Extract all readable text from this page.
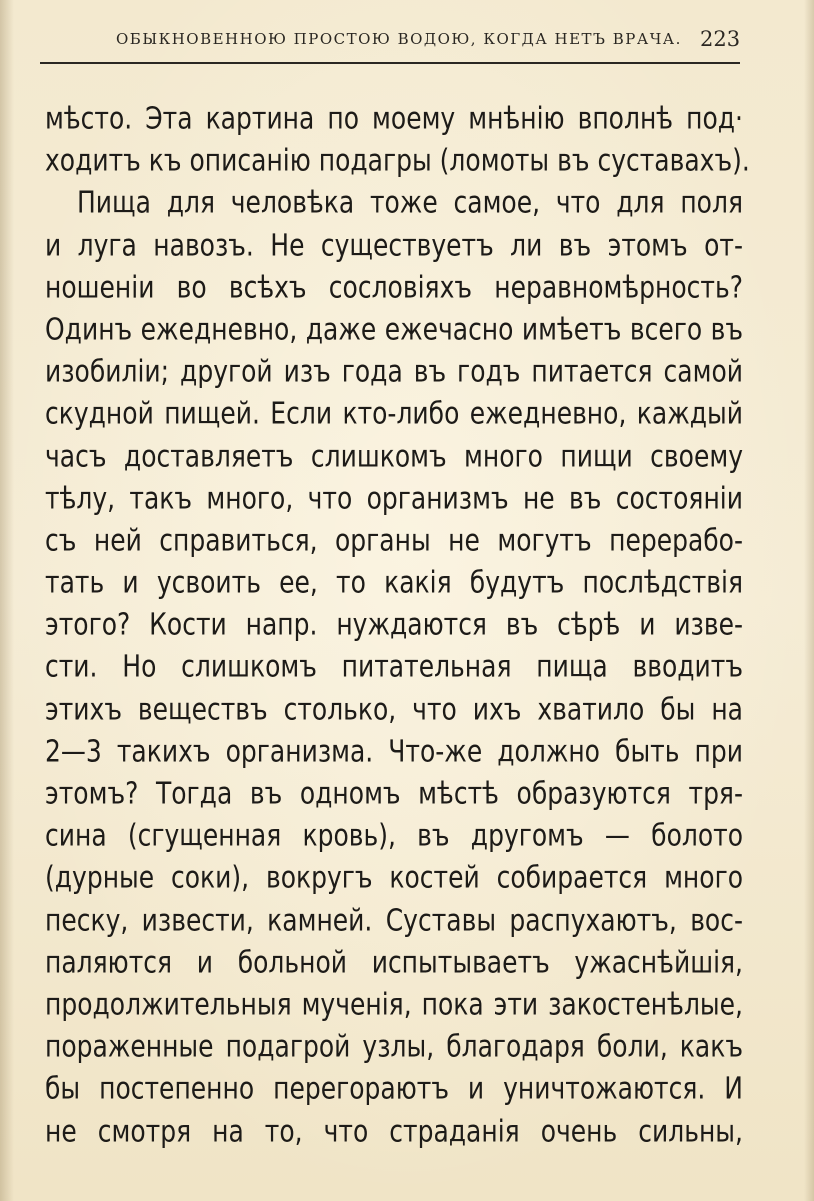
ОБЫКНОВЕННОЮ ПРОСТОЮ ВОДОЮ, КОГДА НЕТЪ ВРАЧА. 223
мѣсто. Эта картина по моему мнѣнію вполнѣ под·
ходитъ къ описанію подагры (ломоты въ суставахъ).
Пища для человѣка тоже самое, что для поля
и луга навозъ. Не существуетъ ли въ этомъ от-
ношенiи во всѣхъ сословіяхъ неравномѣрность?
Одинъ ежедневно, даже ежечасно имѣетъ всего въ
изобиліи; другой изъ года въ годъ питается самой
скудной пищей. Если кто-либо ежедневно, каждый
часъ доставляетъ слишкомъ много пищи своему
тѣлу, такъ много, что организмъ не въ состояніи
съ ней справиться, органы не могутъ перерабо-
тать и усвоить ее, то какія будутъ послѣдствія
этого? Кости напр. нуждаются въ сѣрѣ и изве-
сти. Но слишкомъ питательная пища вводитъ
этихъ веществъ столько, что ихъ хватило бы на
2—3 такихъ организма. Что-же должно быть при
этомъ? Тогда въ одномъ мѣстѣ образуются тря-
сина (сгущенная кровь), въ другомъ — болото
(дурные соки), вокругъ костей собирается много
песку, извести, камней. Суставы распухаютъ, вос-
паляются и больной испытываетъ ужаснѣйшія,
продолжительныя мученія, пока эти закостенѣлые,
пораженные подагрой узлы, благодаря боли, какъ
бы постепенно перегораютъ и уничтожаются. И
не смотря на то, что страданія очень сильны,
